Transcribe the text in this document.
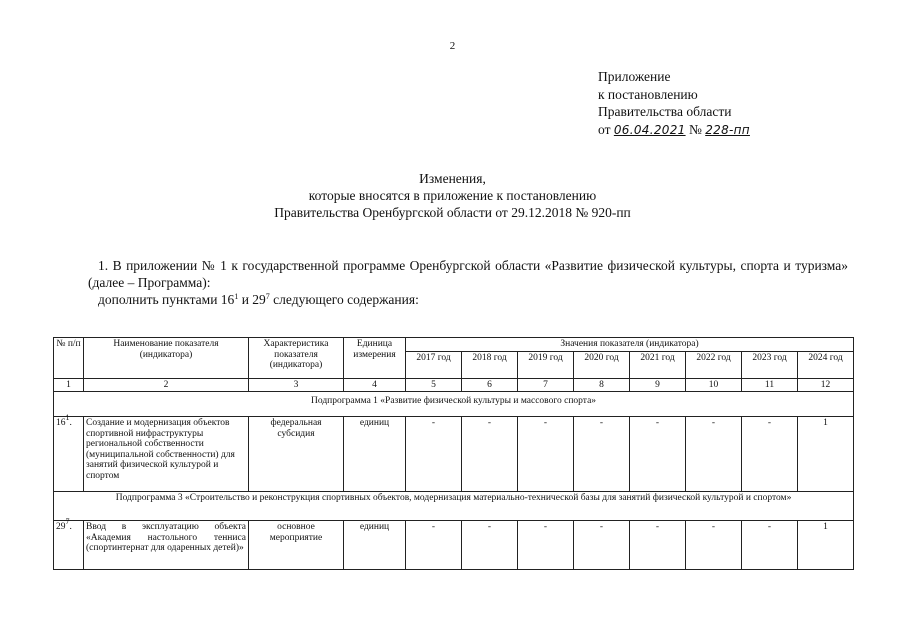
2
Приложение
к постановлению
Правительства области
от 06.04.2021 № 228-пп
Изменения,
которые вносятся в приложение к постановлению
Правительства Оренбургской области от 29.12.2018 № 920-пп
1. В приложении № 1 к государственной программе Оренбургской области «Развитие физической культуры, спорта и туризма» (далее – Программа):
дополнить пунктами $16^1$ и $29^7$ следующего содержания:
№ п/п	Наименование показателя (индикатора)	Характеристика показателя (индикатора)	Единица измерения	Значения показателя (индикатора)							
				2017 год	2018 год	2019 год	2020 год	2021 год	2022 год	2023 год	2024 год
1	2	3	4	5	6	7	8	9	10	11	12
Подпрограмма 1 «Развитие физической культуры и массового спорта»											
$16^1$.	Создание и модернизация объектов спортивной нифраструктуры региональной собственности (муниципальной собственности) для занятий физической культурой и спортом	федеральная субсидия	единиц	-	-	-	-	-	-	-	1
Подпрограмма 3 «Строительство и реконструкция спортивных объектов, модернизация материально-технической базы для занятий физической культурой и спортом»											
$29^7$.	Ввод в эксплуатацию объекта «Академия настольного тенниса (спортинтернат для одаренных детей)»	основное мероприятие	единиц	-	-	-	-	-	-	-	1
